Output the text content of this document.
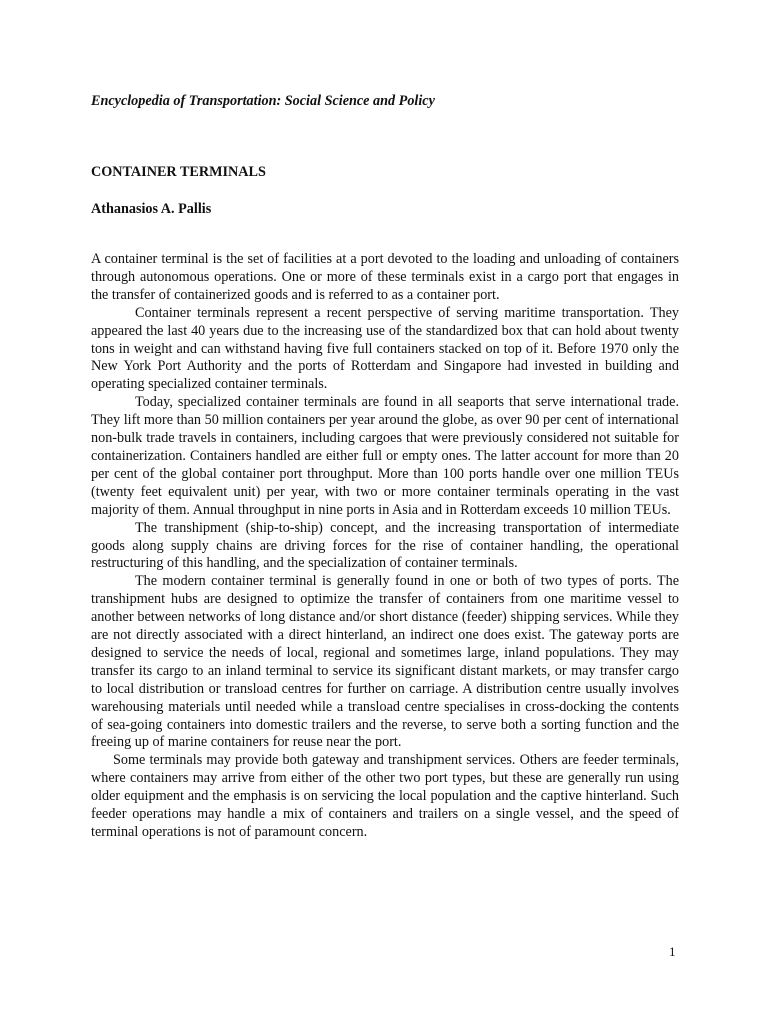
Encyclopedia of Transportation: Social Science and Policy
CONTAINER TERMINALS
Athanasios A. Pallis

A container terminal is the set of facilities at a port devoted to the loading and unloading of containers through autonomous operations. One or more of these terminals exist in a cargo port that engages in the transfer of containerized goods and is referred to as a container port.

Container terminals represent a recent perspective of serving maritime transportation. They appeared the last 40 years due to the increasing use of the standardized box that can hold about twenty tons in weight and can withstand having five full containers stacked on top of it. Before 1970 only the New York Port Authority and the ports of Rotterdam and Singapore had invested in building and operating specialized container terminals.

Today, specialized container terminals are found in all seaports that serve international trade. They lift more than 50 million containers per year around the globe, as over 90 per cent of international non-bulk trade travels in containers, including cargoes that were previously considered not suitable for containerization. Containers handled are either full or empty ones. The latter account for more than 20 per cent of the global container port throughput. More than 100 ports handle over one million TEUs (twenty feet equivalent unit) per year, with two or more container terminals operating in the vast majority of them. Annual throughput in nine ports in Asia and in Rotterdam exceeds 10 million TEUs.

The transhipment (ship-to-ship) concept, and the increasing transportation of intermediate goods along supply chains are driving forces for the rise of container handling, the operational restructuring of this handling, and the specialization of container terminals.

The modern container terminal is generally found in one or both of two types of ports. The transhipment hubs are designed to optimize the transfer of containers from one maritime vessel to another between networks of long distance and/or short distance (feeder) shipping services. While they are not directly associated with a direct hinterland, an indirect one does exist. The gateway ports are designed to service the needs of local, regional and sometimes large, inland populations. They may transfer its cargo to an inland terminal to service its significant distant markets, or may transfer cargo to local distribution or transload centres for further on carriage. A distribution centre usually involves warehousing materials until needed while a transload centre specialises in cross-docking the contents of sea-going containers into domestic trailers and the reverse, to serve both a sorting function and the freeing up of marine containers for reuse near the port.

Some terminals may provide both gateway and transhipment services. Others are feeder terminals, where containers may arrive from either of the other two port types, but these are generally run using older equipment and the emphasis is on servicing the local population and the captive hinterland. Such feeder operations may handle a mix of containers and trailers on a single vessel, and the speed of terminal operations is not of paramount concern.

1
